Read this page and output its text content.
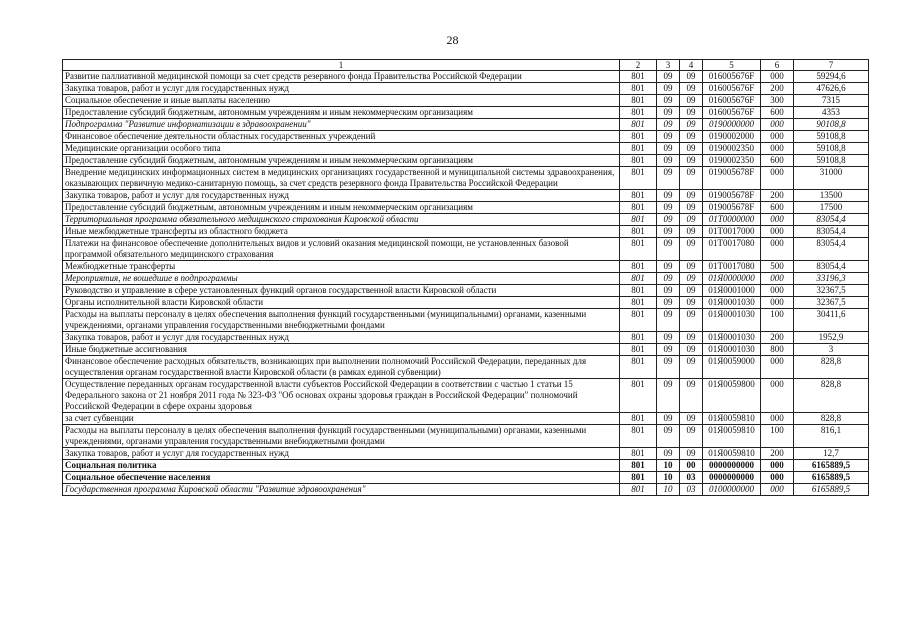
28
1	2	3	4	5	6	7
Развитие паллиативной медицинской помощи за счет средств резервного фонда Правительства Российской Федерации	801	09	09	016005676F	000	59294,6
Закупка товаров, работ и услуг для государственных нужд	801	09	09	016005676F	200	47626,6
Социальное обеспечение и иные выплаты населению	801	09	09	016005676F	300	7315
Предоставление субсидий бюджетным, автономным учреждениям и иным некоммерческим организациям	801	09	09	016005676F	600	4353
Подпрограмма "Развитие информатизации в здравоохранении"	801	09	09	0190000000	000	90108,8
Финансовое обеспечение деятельности областных государственных учреждений	801	09	09	0190002000	000	59108,8
Медицинские организации особого типа	801	09	09	0190002350	000	59108,8
Предоставление субсидий бюджетным, автономным учреждениям и иным некоммерческим организациям	801	09	09	0190002350	600	59108,8
Внедрение медицинских информационных систем в медицинских организациях государственной и муниципальной системы здравоохранения, оказывающих первичную медико-санитарную помощь, за счет средств резервного фонда Правительства Российской Федерации	801	09	09	019005678F	000	31000
Закупка товаров, работ и услуг для государственных нужд	801	09	09	019005678F	200	13500
Предоставление субсидий бюджетным, автономным учреждениям и иным некоммерческим организациям	801	09	09	019005678F	600	17500
Территориальная программа обязательного медицинского страхования Кировской области	801	09	09	01T0000000	000	83054,4
Иные межбюджетные трансферты из областного бюджета	801	09	09	01T0017000	000	83054,4
Платежи на финансовое обеспечение дополнительных видов и условий оказания медицинской помощи, не установленных базовой программой обязательного медицинского страхования	801	09	09	01T0017080	000	83054,4
Межбюджетные трансферты	801	09	09	01T0017080	500	83054,4
Мероприятия, не вошедшие в подпрограммы	801	09	09	01Я0000000	000	33196,3
Руководство и управление в сфере установленных функций органов государственной власти Кировской области	801	09	09	01Я0001000	000	32367,5
Органы исполнительной власти Кировской области	801	09	09	01Я0001030	000	32367,5
Расходы на выплаты персоналу в целях обеспечения выполнения функций государственными (муниципальными) органами, казенными учреждениями, органами управления государственными внебюджетными фондами	801	09	09	01Я0001030	100	30411,6
Закупка товаров, работ и услуг для государственных нужд	801	09	09	01Я0001030	200	1952,9
Иные бюджетные ассигнования	801	09	09	01Я0001030	800	3
Финансовое обеспечение расходных обязательств, возникающих при выполнении полномочий Российской Федерации, переданных для осуществления органам государственной власти Кировской области (в рамках единой субвенции)	801	09	09	01Я0059000	000	828,8
Осуществление переданных органам государственной власти субъектов Российской Федерации в соответствии с частью 1 статьи 15 Федерального закона от 21 ноября 2011 года № 323-ФЗ "Об основах охраны здоровья граждан в Российской Федерации" полномочий Российской Федерации в сфере охраны здоровья	801	09	09	01Я0059800	000	828,8
за счет субвенции	801	09	09	01Я0059810	000	828,8
Расходы на выплаты персоналу в целях обеспечения выполнения функций государственными (муниципальными) органами, казенными учреждениями, органами управления государственными внебюджетными фондами	801	09	09	01Я0059810	100	816,1
Закупка товаров, работ и услуг для государственных нужд	801	09	09	01Я0059810	200	12,7
Социальная политика	801	10	00	0000000000	000	6165889,5
Социальное обеспечение населения	801	10	03	0000000000	000	6165889,5
Государственная программа Кировской области "Развитие здравоохранения"	801	10	03	0100000000	000	6165889,5
